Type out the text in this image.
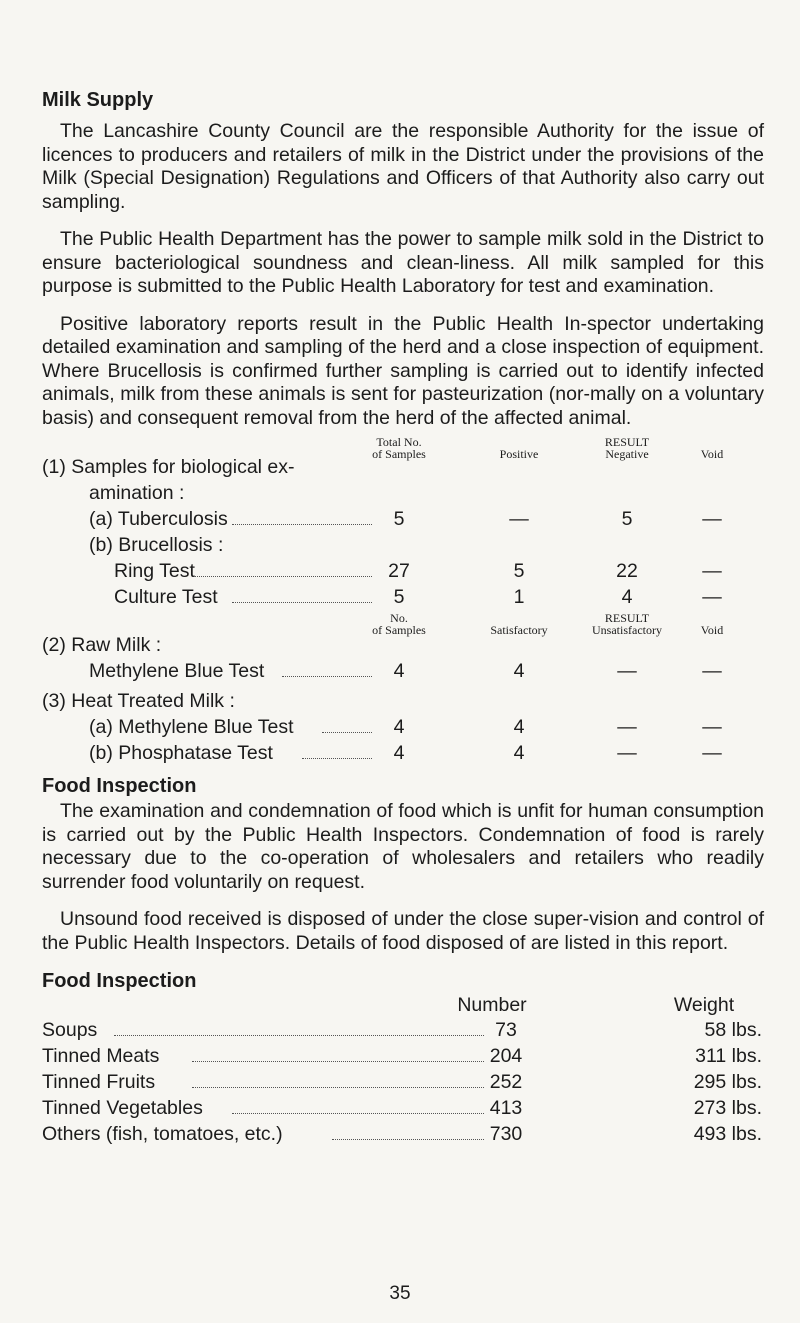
Milk Supply

The Lancashire County Council are the responsible Authority for the issue of licences to producers and retailers of milk in the District under the provisions of the Milk (Special Designation) Regulations and Officers of that Authority also carry out sampling.

The Public Health Department has the power to sample milk sold in the District to ensure bacteriological soundness and clean-liness. All milk sampled for this purpose is submitted to the Public Health Laboratory for test and examination.

Positive laboratory reports result in the Public Health In-spector undertaking detailed examination and sampling of the herd and a close inspection of equipment. Where Brucellosis is confirmed further sampling is carried out to identify infected animals, milk from these animals is sent for pasteurization (nor-mally on a voluntary basis) and consequent removal from the herd of the affected animal.

Total No.
of Samples
RESULT
Positive	Negative	Void
(1) Samples for biological ex-
amination :
(a) Tuberculosis	5	—	5	—
(b) Brucellosis :
Ring Test	27	5	22	—
Culture Test	5	1	4	—
No.
of Samples
RESULT
Satisfactory	Unsatisfactory	Void
(2) Raw Milk :
Methylene Blue Test	4	4	—	—
(3) Heat Treated Milk :
(a) Methylene Blue Test	4	4	—	—
(b) Phosphatase Test	4	4	—	—
Food Inspection

The examination and condemnation of food which is unfit for human consumption is carried out by the Public Health Inspectors. Condemnation of food is rarely necessary due to the co-operation of wholesalers and retailers who readily surrender food voluntarily on request.

Unsound food received is disposed of under the close super-vision and control of the Public Health Inspectors. Details of food disposed of are listed in this report.

Food Inspection
Number	Weight
Soups	73	58 lbs.
Tinned Meats	204	311 lbs.
Tinned Fruits	252	295 lbs.
Tinned Vegetables	413	273 lbs.
Others (fish, tomatoes, etc.)	730	493 lbs.
35
